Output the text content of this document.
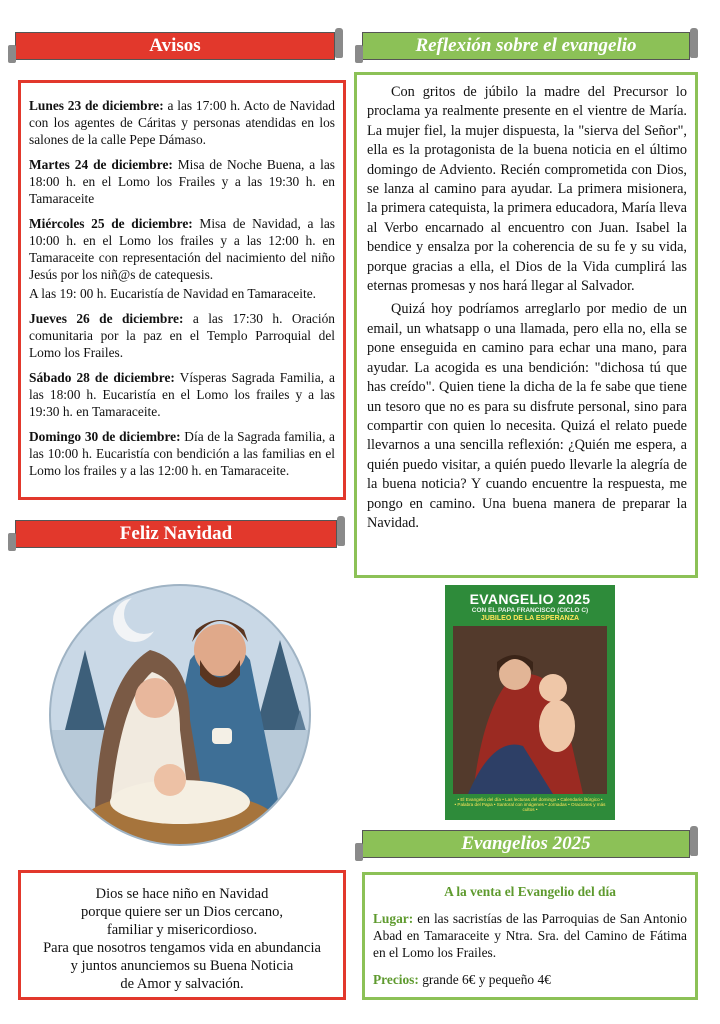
Avisos

Lunes 23 de diciembre: a las 17:00 h. Acto de Navidad con los agentes de Cáritas y personas atendidas en los salones de la calle Pepe Dámaso.

Martes 24 de diciembre: Misa de Noche Buena, a las 18:00 h. en el Lomo los Frailes y a las 19:30 h. en Tamaraceite

Miércoles 25 de diciembre: Misa de Navidad, a las 10:00 h. en el Lomo los frailes y a las 12:00 h. en Tamaraceite con representación del nacimiento del niño Jesús por los niñ@s de catequesis.

A las 19: 00 h. Eucaristía de Navidad en Tamaraceite.

Jueves 26 de diciembre: a las 17:30 h. Oración comunitaria por la paz en el Templo Parroquial del Lomo los Frailes.

Sábado 28 de diciembre: Vísperas Sagrada Familia, a las 18:00 h. Eucaristía en el Lomo los frailes y a las 19:30 h. en Tamaraceite.

Domingo 30 de diciembre: Día de la Sagrada familia, a las 10:00 h. Eucaristía con bendición a las familias en el Lomo los frailes y a las 12:00 h. en Tamaraceite.

Reflexión sobre el evangelio

Con gritos de júbilo la madre del Precursor lo proclama ya realmente presente en el vientre de María. La mujer fiel, la mujer dispuesta, la "sierva del Señor", ella es la protagonista de la buena noticia en el último domingo de Adviento. Recién comprometida con Dios, se lanza al camino para ayudar. La primera misionera, la primera catequista, la primera educadora, María lleva al Verbo encarnado al encuentro con Juan. Isabel la bendice y ensalza por la coherencia de su fe y su vida, porque gracias a ella, el Dios de la Vida cumplirá las eternas promesas y nos hará llegar al Salvador.

Quizá hoy podríamos arreglarlo por medio de un email, un whatsapp o una llamada, pero ella no, ella se pone enseguida en camino para echar una mano, para ayudar. La acogida es una bendición: "dichosa tú que has creído". Quien tiene la dicha de la fe sabe que tiene un tesoro que no es para su disfrute personal, sino para compartir con quien lo necesita. Quizá el relato puede llevarnos a una sencilla reflexión: ¿Quién me espera, a quién puedo visitar, a quién puedo llevarle la alegría de la buena noticia? Y cuando encuentre la respuesta, me pongo en camino. Una buena manera de preparar la Navidad.

Feliz Navidad
Dios se hace niño en Navidad
porque quiere ser un Dios cercano,
familiar y misericordioso.
Para que nosotros tengamos vida en abundancia
y juntos anunciemos su Buena Noticia
de Amor y salvación.
EVANGELIO 2025
CON EL PAPA FRANCISCO (CICLO C)
JUBILEO DE LA ESPERANZA
• El Evangelio del día • Las lecturas del domingo • Calendario litúrgico •
• Palabra del Papa • Santoral con imágenes • Jornadas • Oraciones y más cultos •
Evangelios 2025

A la venta el Evangelio del día

Lugar: en las sacristías de las Parroquias de San Antonio Abad en Tamaraceite y Ntra. Sra. del Camino de Fátima en el Lomo los Frailes.

Precios: grande 6€ y pequeño 4€
